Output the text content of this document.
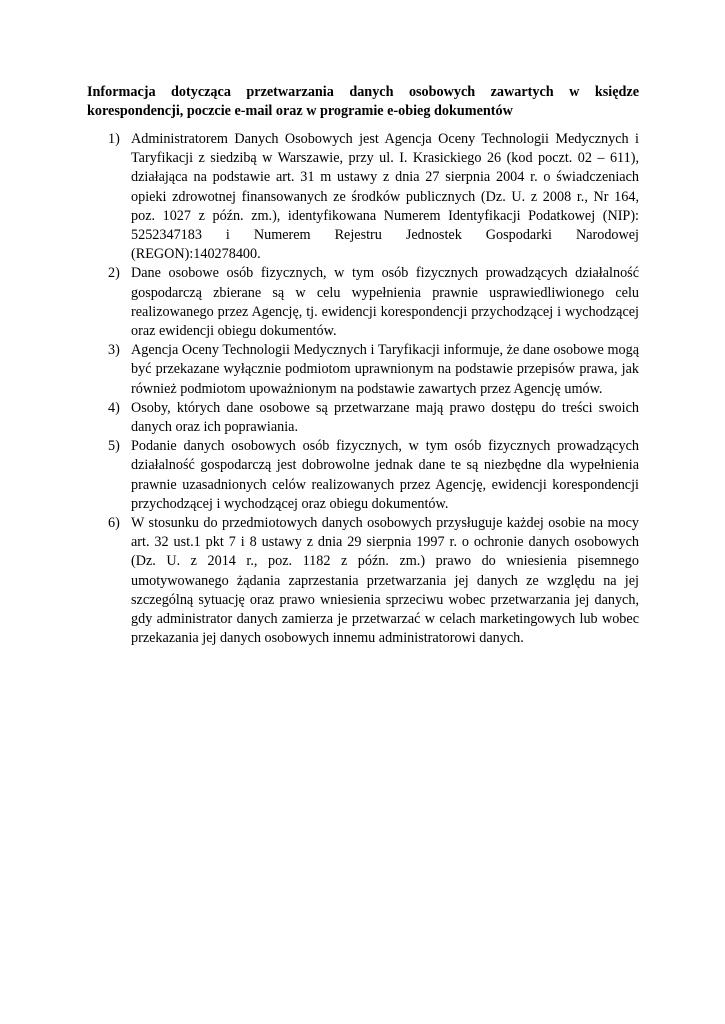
Informacja dotycząca przetwarzania danych osobowych zawartych w księdze korespondencji, poczcie e-mail oraz w programie e-obieg dokumentów

1) Administratorem Danych Osobowych jest Agencja Oceny Technologii Medycznych i Taryfikacji z siedzibą w Warszawie, przy ul. I. Krasickiego 26 (kod poczt. 02 – 611), działająca na podstawie art. 31 m ustawy z dnia 27 sierpnia 2004 r. o świadczeniach opieki zdrowotnej finansowanych ze środków publicznych (Dz. U. z 2008 r., Nr 164, poz. 1027 z późn. zm.), identyfikowana Numerem Identyfikacji Podatkowej (NIP): 5252347183 i Numerem Rejestru Jednostek Gospodarki Narodowej (REGON):140278400.
2) Dane osobowe osób fizycznych, w tym osób fizycznych prowadzących działalność gospodarczą zbierane są w celu wypełnienia prawnie usprawiedliwionego celu realizowanego przez Agencję, tj. ewidencji korespondencji przychodzącej i wychodzącej oraz ewidencji obiegu dokumentów.
3) Agencja Oceny Technologii Medycznych i Taryfikacji informuje, że dane osobowe mogą być przekazane wyłącznie podmiotom uprawnionym na podstawie przepisów prawa, jak również podmiotom upoważnionym na podstawie zawartych przez Agencję umów.
4) Osoby, których dane osobowe są przetwarzane mają prawo dostępu do treści swoich danych oraz ich poprawiania.
5) Podanie danych osobowych osób fizycznych, w tym osób fizycznych prowadzących działalność gospodarczą jest dobrowolne jednak dane te są niezbędne dla wypełnienia prawnie uzasadnionych celów realizowanych przez Agencję, ewidencji korespondencji przychodzącej i wychodzącej oraz obiegu dokumentów.
6) W stosunku do przedmiotowych danych osobowych przysługuje każdej osobie na mocy art. 32 ust.1 pkt 7 i 8 ustawy z dnia 29 sierpnia 1997 r. o ochronie danych osobowych (Dz. U. z 2014 r., poz. 1182 z późn. zm.) prawo do wniesienia pisemnego umotywowanego żądania zaprzestania przetwarzania jej danych ze względu na jej szczególną sytuację oraz prawo wniesienia sprzeciwu wobec przetwarzania jej danych, gdy administrator danych zamierza je przetwarzać w celach marketingowych lub wobec przekazania jej danych osobowych innemu administratorowi danych.
